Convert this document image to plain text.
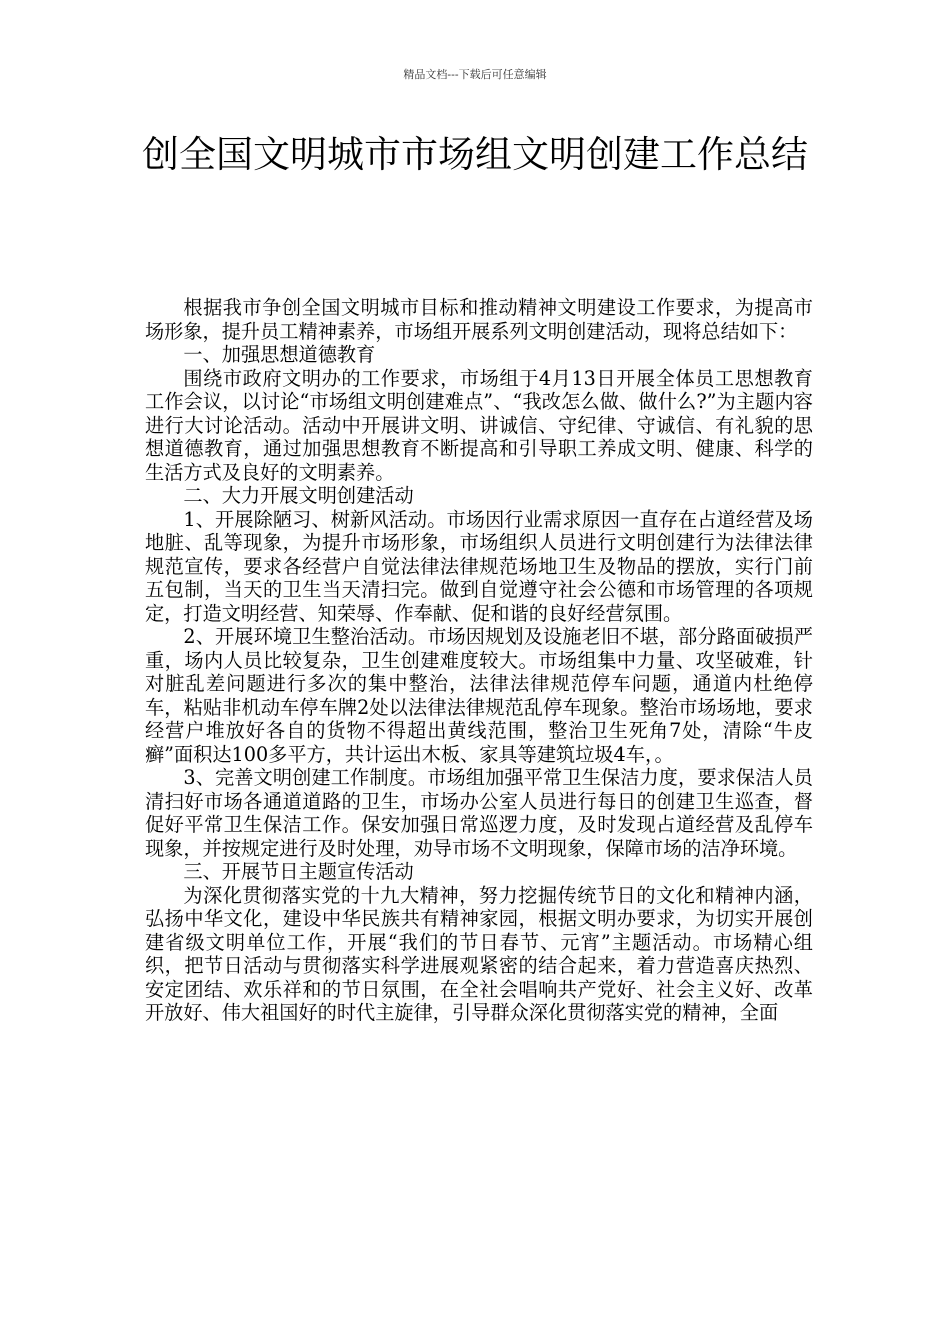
精品文档---下载后可任意编辑
创全国文明城市市场组文明创建工作总结

根据我市争创全国文明城市目标和推动精神文明建设工作要求，为提高市场形象，提升员工精神素养，市场组开展系列文明创建活动，现将总结如下：

一、加强思想道德教育

围绕市政府文明办的工作要求，市场组于4月13日开展全体员工思想教育工作会议，以讨论“市场组文明创建难点”、“我改怎么做、做什么?”为主题内容进行大讨论活动。活动中开展讲文明、讲诚信、守纪律、守诚信、有礼貌的思想道德教育，通过加强思想教育不断提高和引导职工养成文明、健康、科学的生活方式及良好的文明素养。

二、大力开展文明创建活动

1、开展除陋习、树新风活动。市场因行业需求原因一直存在占道经营及场地脏、乱等现象，为提升市场形象，市场组织人员进行文明创建行为法律法律规范宣传，要求各经营户自觉法律法律规范场地卫生及物品的摆放，实行门前五包制，当天的卫生当天清扫完。做到自觉遵守社会公德和市场管理的各项规定，打造文明经营、知荣辱、作奉献、促和谐的良好经营氛围。

2、开展环境卫生整治活动。市场因规划及设施老旧不堪，部分路面破损严重，场内人员比较复杂，卫生创建难度较大。市场组集中力量、攻坚破难，针对脏乱差问题进行多次的集中整治，法律法律规范停车问题，通道内杜绝停车，粘贴非机动车停车牌2处以法律法律规范乱停车现象。整治市场场地，要求经营户堆放好各自的货物不得超出黄线范围，整治卫生死角7处，清除“牛皮癣”面积达100多平方，共计运出木板、家具等建筑垃圾4车，。

3、完善文明创建工作制度。市场组加强平常卫生保洁力度，要求保洁人员清扫好市场各通道道路的卫生，市场办公室人员进行每日的创建卫生巡查，督促好平常卫生保洁工作。保安加强日常巡逻力度，及时发现占道经营及乱停车现象，并按规定进行及时处理，劝导市场不文明现象，保障市场的洁净环境。

三、开展节日主题宣传活动

为深化贯彻落实党的十九大精神，努力挖掘传统节日的文化和精神内涵，弘扬中华文化，建设中华民族共有精神家园，根据文明办要求，为切实开展创建省级文明单位工作，开展“我们的节日春节、元宵”主题活动。市场精心组织，把节日活动与贯彻落实科学进展观紧密的结合起来，着力营造喜庆热烈、安定团结、欢乐祥和的节日氛围，在全社会唱响共产党好、社会主义好、改革开放好、伟大祖国好的时代主旋律，引导群众深化贯彻落实党的精神，全面
